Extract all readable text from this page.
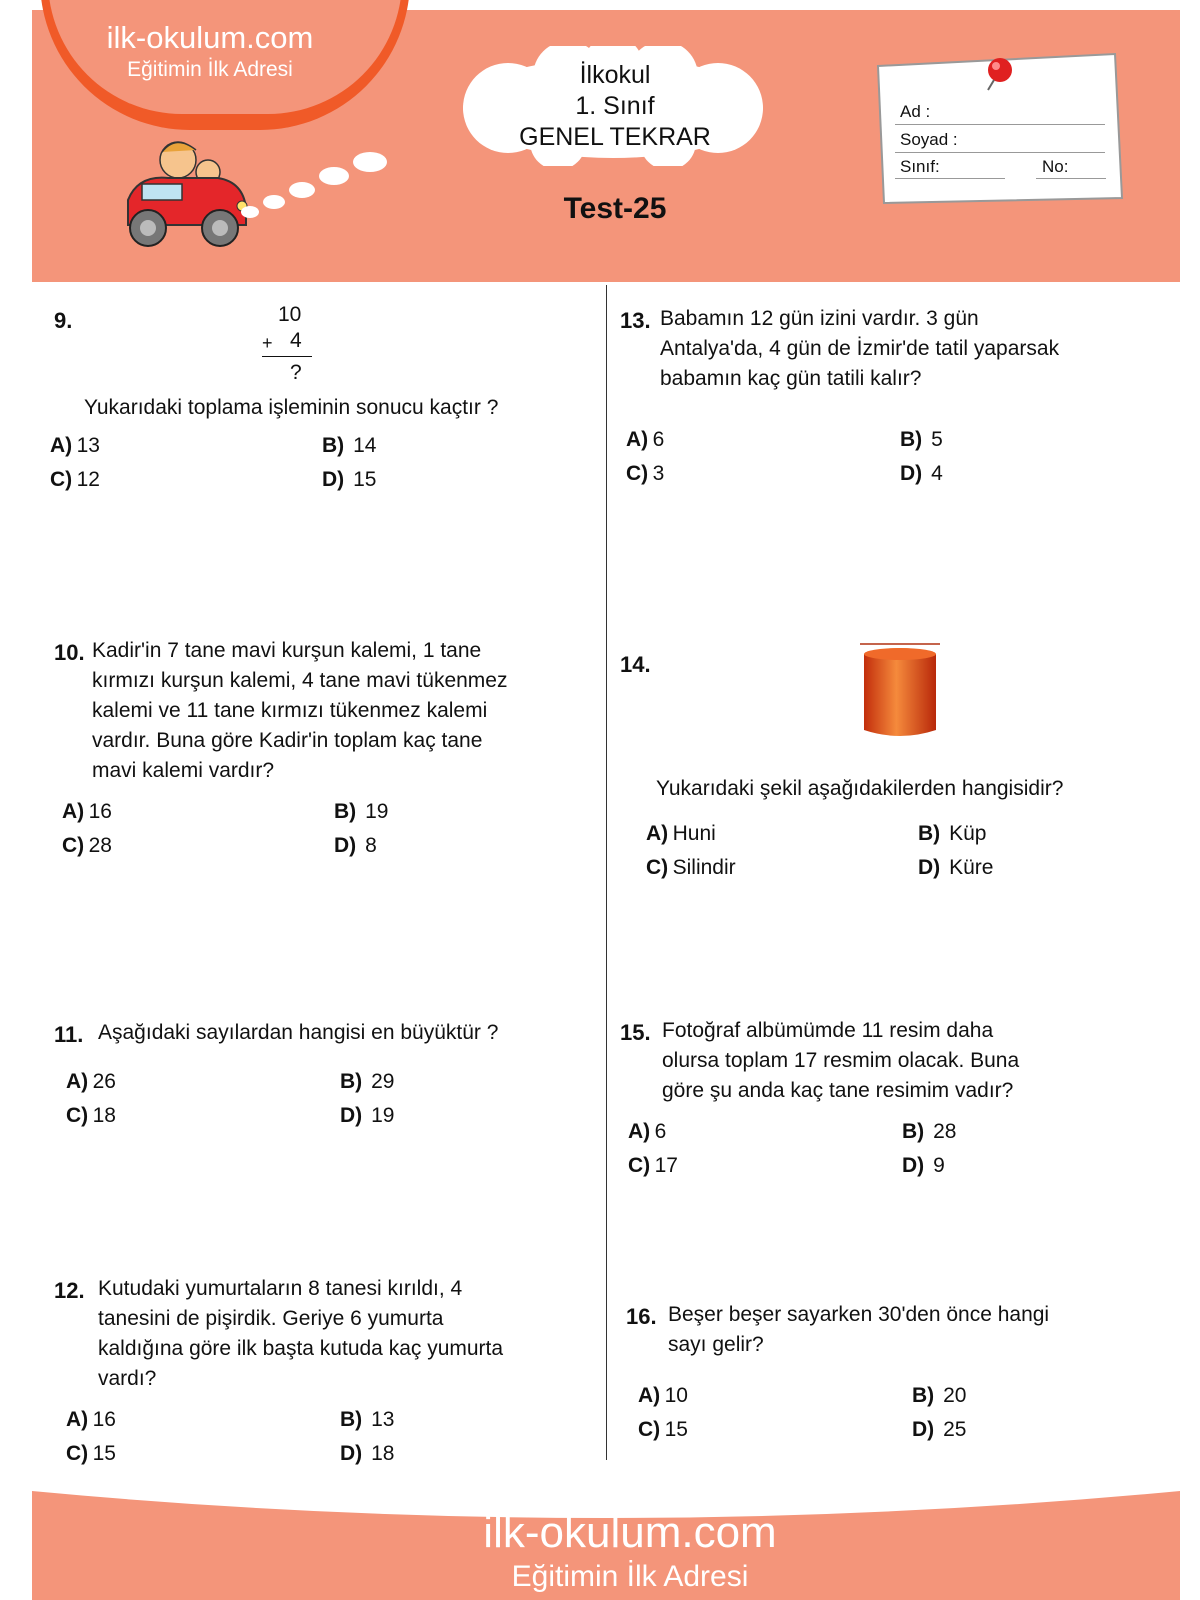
ilk-okulum.com
Eğitimin İlk Adresi	İlkokul
1. Sınıf
GENEL TEKRAR
Test-25
Ad :
Soyad :
Sınıf:	No:
9.	10
+ 4
?
Yukarıdaki toplama işleminin sonucu kaçtır ?
A) 13	B) 14
C) 12	D) 15
10. Kadir'in 7 tane mavi kurşun kalemi, 1 tane
kırmızı kurşun kalemi, 4 tane mavi tükenmez
kalemi ve 11 tane kırmızı tükenmez kalemi
vardır. Buna göre Kadir'in toplam kaç tane
mavi kalemi vardır?
A) 16	B) 19
C) 28	D) 8
11. Aşağıdaki sayılardan hangisi en büyüktür ?
A) 26	B) 29
C) 18	D) 19
12. Kutudaki yumurtaların 8 tanesi kırıldı, 4
tanesini de pişirdik. Geriye 6 yumurta
kaldığına göre ilk başta kutuda kaç yumurta
vardı?
A) 16	B) 13
C) 15	D) 18
13. Babamın 12 gün izini vardır. 3 gün
Antalya'da, 4 gün de İzmir'de tatil yaparsak
babamın kaç gün tatili kalır?
A) 6	B) 5
C) 3	D) 4
14.
Yukarıdaki şekil aşağıdakilerden hangisidir?
A) Huni	B) Küp
C) Silindir	D) Küre
15. Fotoğraf albümümde 11 resim daha
olursa toplam 17 resmim olacak. Buna
göre şu anda kaç tane resimim vadır?
A) 6	B) 28
C) 17	D) 9
16. Beşer beşer sayarken 30'den önce hangi
sayı gelir?
A) 10	B) 20
C) 15	D) 25
ilk-okulum.com
Eğitimin İlk Adresi
